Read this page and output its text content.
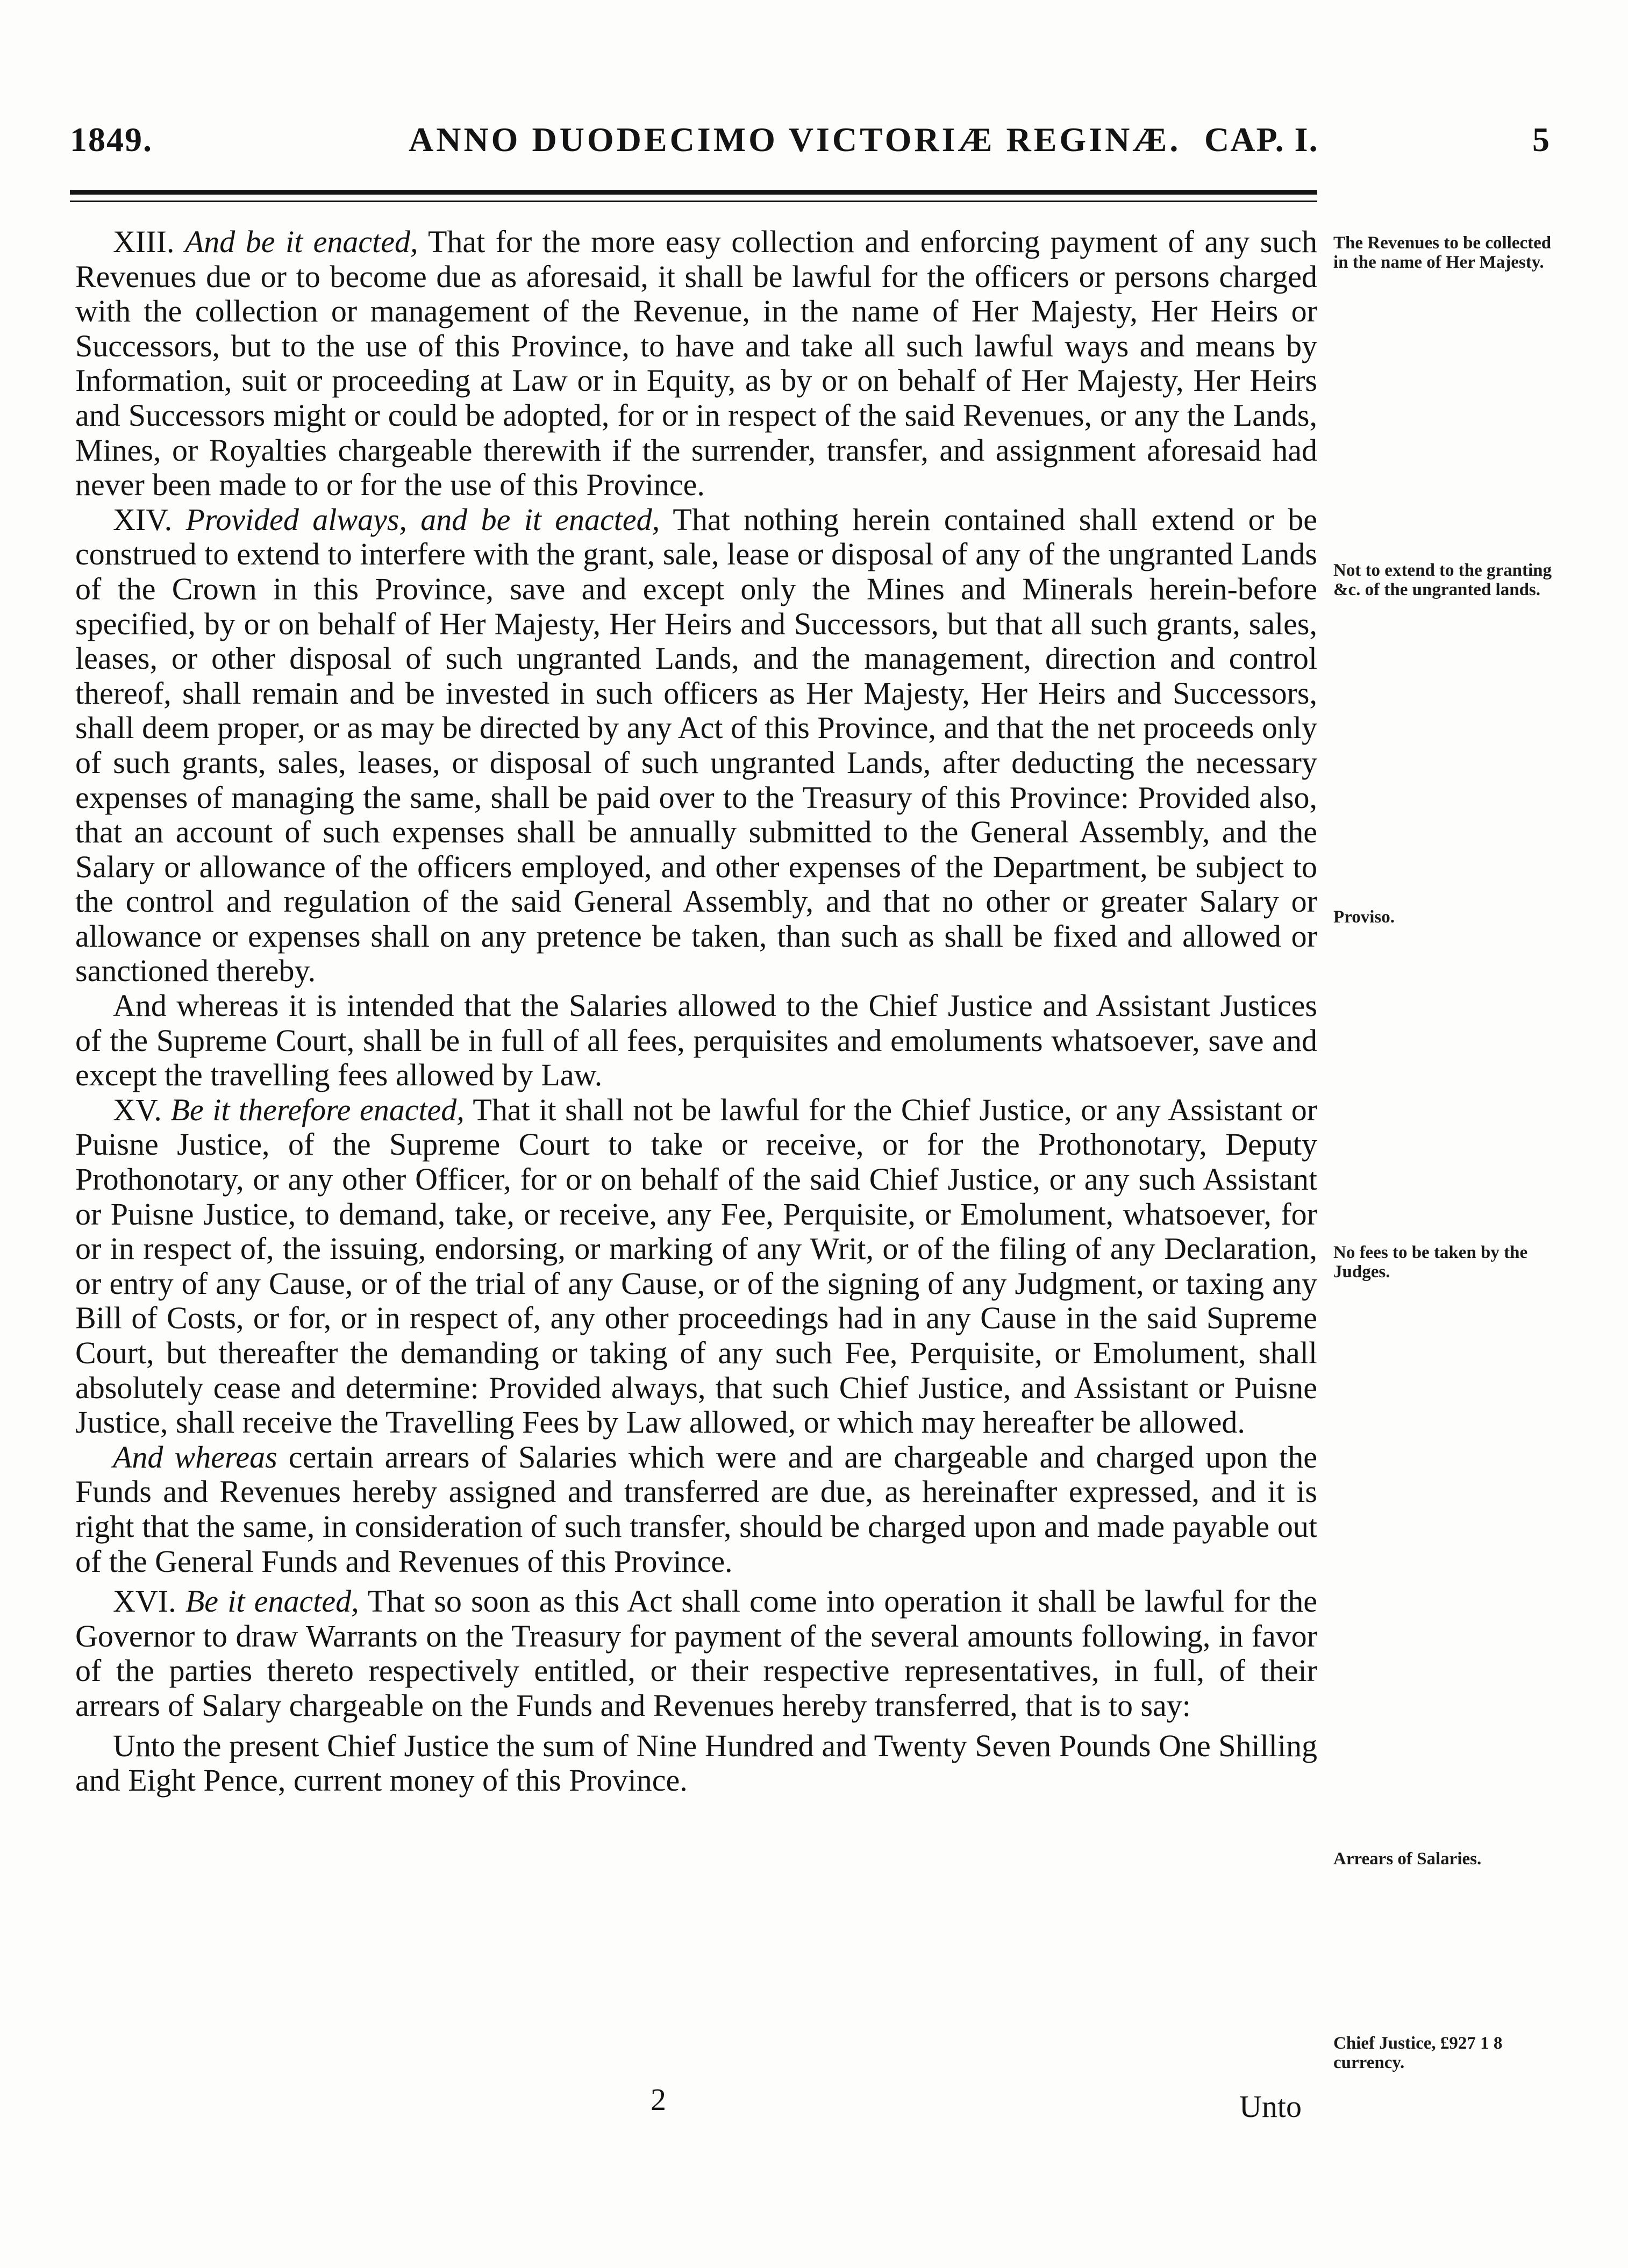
1849.	ANNO DUODECIMO VICTORIÆ REGINÆ. CAP. I.	5

XIII. And be it enacted, That for the more easy collection and enforcing payment of any such Revenues due or to become due as aforesaid, it shall be lawful for the officers or persons charged with the collection or management of the Revenue, in the name of Her Majesty, Her Heirs or Successors, but to the use of this Province, to have and take all such lawful ways and means by Information, suit or proceeding at Law or in Equity, as by or on behalf of Her Majesty, Her Heirs and Successors might or could be adopted, for or in respect of the said Revenues, or any the Lands, Mines, or Royalties chargeable therewith if the surrender, transfer, and assignment aforesaid had never been made to or for the use of this Province.

XIV. Provided always, and be it enacted, That nothing herein contained shall extend or be construed to extend to interfere with the grant, sale, lease or disposal of any of the ungranted Lands of the Crown in this Province, save and except only the Mines and Minerals herein-before specified, by or on behalf of Her Majesty, Her Heirs and Successors, but that all such grants, sales, leases, or other disposal of such ungranted Lands, and the management, direction and control thereof, shall remain and be invested in such officers as Her Majesty, Her Heirs and Successors, shall deem proper, or as may be directed by any Act of this Province, and that the net proceeds only of such grants, sales, leases, or disposal of such ungranted Lands, after deducting the necessary expenses of managing the same, shall be paid over to the Treasury of this Province: Provided also, that an account of such expenses shall be annually submitted to the General Assembly, and the Salary or allowance of the officers employed, and other expenses of the Department, be subject to the control and regulation of the said General Assembly, and that no other or greater Salary or allowance or expenses shall on any pretence be taken, than such as shall be fixed and allowed or sanctioned thereby.

And whereas it is intended that the Salaries allowed to the Chief Justice and Assistant Justices of the Supreme Court, shall be in full of all fees, perquisites and emoluments whatsoever, save and except the travelling fees allowed by Law.

XV. Be it therefore enacted, That it shall not be lawful for the Chief Justice, or any Assistant or Puisne Justice, of the Supreme Court to take or receive, or for the Prothonotary, Deputy Prothonotary, or any other Officer, for or on behalf of the said Chief Justice, or any such Assistant or Puisne Justice, to demand, take, or receive, any Fee, Perquisite, or Emolument, whatsoever, for or in respect of, the issuing, endorsing, or marking of any Writ, or of the filing of any Declaration, or entry of any Cause, or of the trial of any Cause, or of the signing of any Judgment, or taxing any Bill of Costs, or for, or in respect of, any other proceedings had in any Cause in the said Supreme Court, but thereafter the demanding or taking of any such Fee, Perquisite, or Emolument, shall absolutely cease and determine: Provided always, that such Chief Justice, and Assistant or Puisne Justice, shall receive the Travelling Fees by Law allowed, or which may hereafter be allowed.

And whereas certain arrears of Salaries which were and are chargeable and charged upon the Funds and Revenues hereby assigned and transferred are due, as hereinafter expressed, and it is right that the same, in consideration of such transfer, should be charged upon and made payable out of the General Funds and Revenues of this Province.

XVI. Be it enacted, That so soon as this Act shall come into operation it shall be lawful for the Governor to draw Warrants on the Treasury for payment of the several amounts following, in favor of the parties thereto respectively entitled, or their respective representatives, in full, of their arrears of Salary chargeable on the Funds and Revenues hereby transferred, that is to say:

Unto the present Chief Justice the sum of Nine Hundred and Twenty Seven Pounds One Shilling and Eight Pence, current money of this Province.

The Revenues to be collected in the name of Her Majesty.
Not to extend to the granting &c. of the ungranted lands.
Proviso.
No fees to be taken by the Judges.
Arrears of Salaries.
Chief Justice, £927 1 8 currency.
2	Unto
